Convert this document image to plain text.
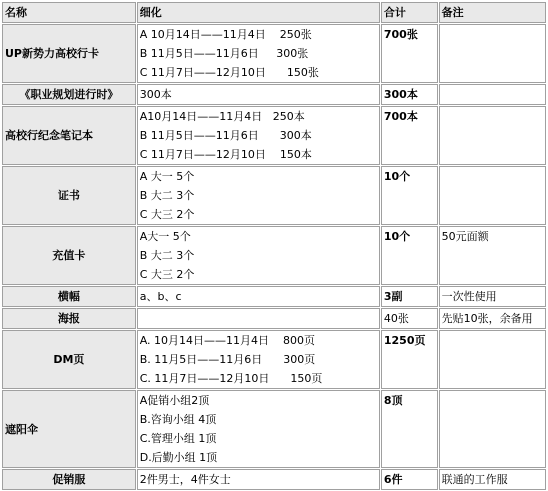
名称	细化	合计	备注
UP新势力高校行卡	A 10月14日——11月4日    250张
B 11月5日——11月6日     300张
C 11月7日——12月10日      150张	700张	
《职业规划进行时》	300本	300本	
高校行纪念笔记本	A10月14日——11月4日   250本
B 11月5日——11月6日      300本
C 11月7日——12月10日    150本	700本	
证书	A 大一 5个
B 大二 3个
C 大三 2个	10个	
充值卡	A大一 5个
B 大二 3个
C 大三 2个	10个	50元面额
横幅	a、b、c	3副	一次性使用
海报		40张	先贴10张，余备用
DM页	A. 10月14日——11月4日    800页
B. 11月5日——11月6日      300页
C. 11月7日——12月10日      150页	1250页	
遮阳伞	A促销小组2顶
B.咨询小组 4顶
C.管理小组 1顶
D.后勤小组 1顶	8顶	
促销服	2件男士，4件女士	6件	联通的工作服
